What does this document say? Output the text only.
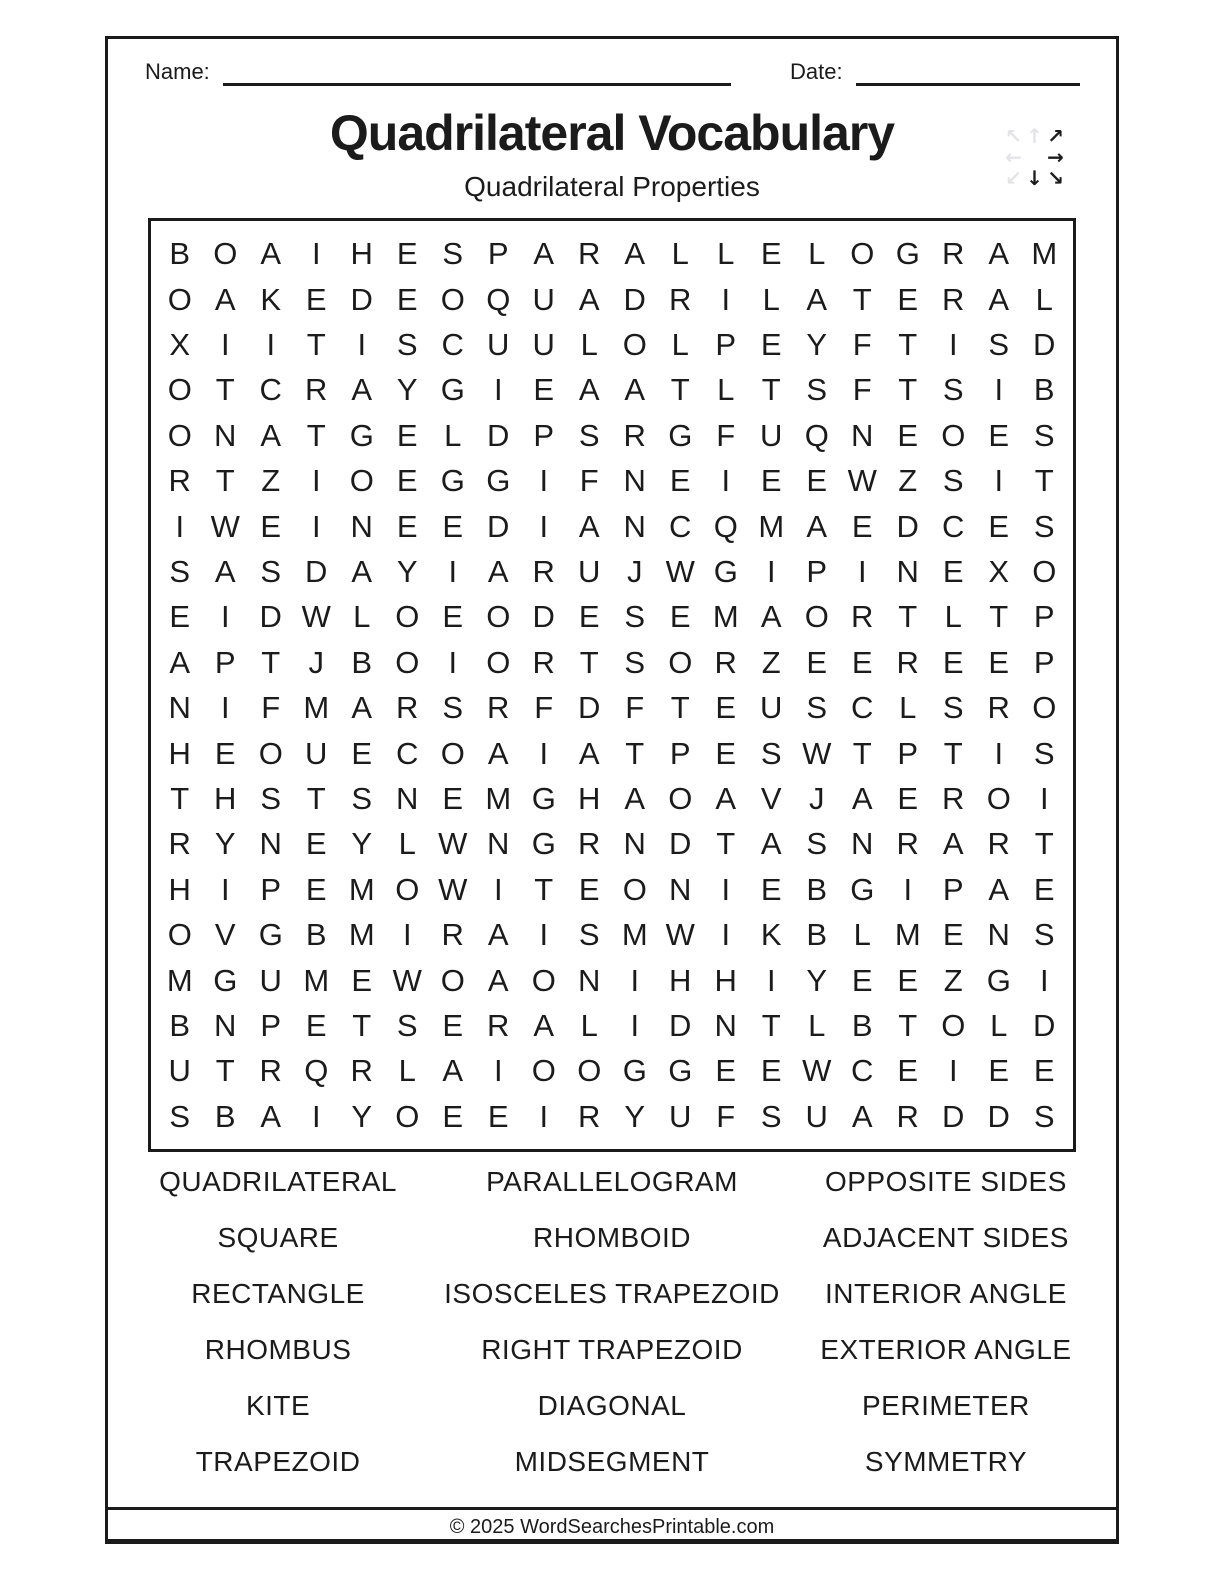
Name:	Date:
Quadrilateral Vocabulary
Quadrilateral Properties
↖ ↑ ↗
← →
↙ ↓ ↘
B O A I H E S P A R A L L E L O G R A M
O A K E D E O Q U A D R I	L A T E R A L
X I	I	T	I S C U U L O L P E Y F T	I S D
O T C R A Y G I E A A T L T S F T S I B
O N A T G E L D P S R G F U Q N E O E S
R T Z	I O E G G I	F N E I E E W Z S I	T
I W E I N E E D I A N C Q M A E D C E S
S A S D A Y I A R U J W G I P I N E X O
E I D W L O E O D E S E M A O R T L T P
A P T J B O I O R T S O R Z E E R E E P
N I	F M A R S R F D F T E U S C L S R O
H E O U E C O A I A T P E S W T P T	I S
T H S T S N E M G H A O A V J A E R O I
R Y N E Y L W N G R N D T A S N R A R T
H I P E M O W I	T E O N I E B G I P A E
O V G B M I R A I S M W I K B L M E N S
M G U M E W O A O N I H H I Y E E Z G I
B N P E T S E R A L	I D N T L B T O L D
U T R Q R L A I O O G G E E W C E I E E
S B A I Y O E E I R Y U F S U A R D D S
QUADRILATERAL	PARALLELOGRAM	OPPOSITE SIDES
SQUARE	RHOMBOID	ADJACENT SIDES
RECTANGLE	ISOSCELES TRAPEZOID	INTERIOR ANGLE
RHOMBUS	RIGHT TRAPEZOID	EXTERIOR ANGLE
KITE	DIAGONAL	PERIMETER
TRAPEZOID	MIDSEGMENT	SYMMETRY
© 2025 WordSearchesPrintable.com
